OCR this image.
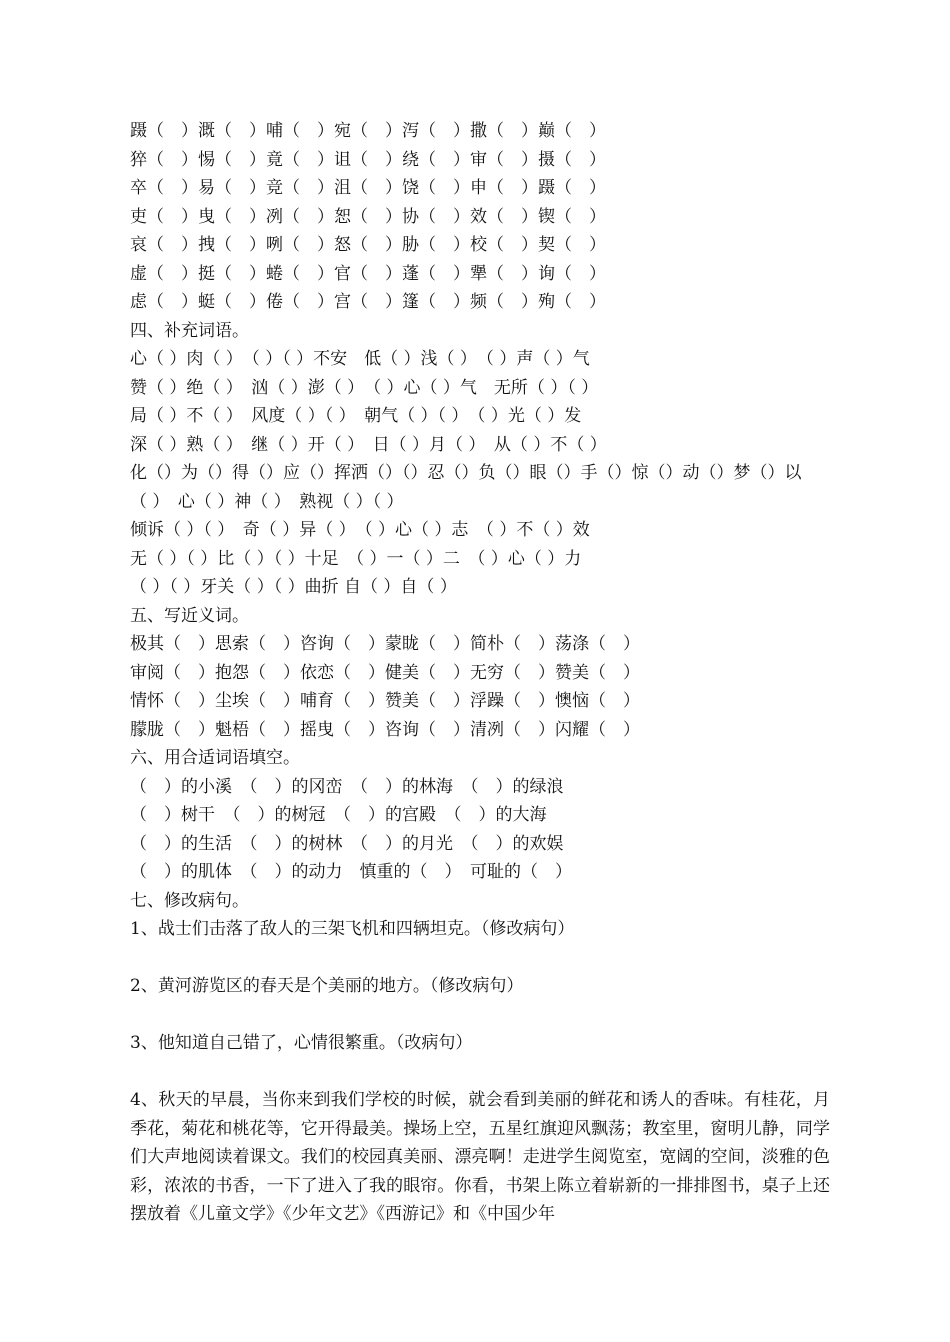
蹑（　）溉（　）哺（　）宛（　）泻（　）撒（　）巅（　）
猝（　）惕（　）竟（　）诅（　）绕（　）审（　）摄（　）
卒（　）易（　）竞（　）沮（　）饶（　）申（　）蹑（　）
吏（　）曳（　）冽（　）恕（　）协（　）效（　）锲（　）
哀（　）拽（　）咧（　）怒（　）胁（　）校（　）契（　）
虚（　）挺（　）蜷（　）官（　）蓬（　）犟（　）询（　）
虑（　）蜓（　）倦（　）宫（　）篷（　）频（　）殉（　）
四、补充词语。
心（ ）肉（ ）　（ ）（ ）不安　低（ ）浅（ ）　（ ）声（ ）气
赞（ ）绝（ ）　汹（ ）澎（ ）　（ ）心（ ）气　无所（ ）（ ）
局（ ）不（ ）　风度（ ）（ ）　朝气（ ）（ ）　（ ）光（ ）发
深（ ）熟（ ）　继（ ）开（ ）　日（ ）月（ ）　从（ ）不（ ）
化（）为（）得（）应（）挥洒（）（）忍（）负（）眼（）手（）惊（）动（）梦（）以
（ ）　心（ ）神（ ）　熟视（ ）（ ）
倾诉（ ）（ ）　奇（ ）异（ ）　（ ）心（ ）志　（ ）不（ ）效
无（ ）（ ）比（ ）（ ）十足　（ ）一（ ）二　（ ）心（ ）力
（ ）（ ）牙关（ ）（ ）曲折 自（ ）自（ ）
五、写近义词。
极其（　）思索（　）咨询（　）蒙眬（　）简朴（　）荡涤（　）
审阅（　）抱怨（　）依恋（　）健美（　）无穷（　）赞美（　）
情怀（　）尘埃（　）哺育（　）赞美（　）浮躁（　）懊恼（　）
朦胧（　）魁梧（　）摇曳（　）咨询（　）清冽（　）闪耀（　）
六、用合适词语填空。
（　）的小溪　（　）的冈峦　（　）的林海　（　）的绿浪
（　）树干　（　）的树冠　（　）的宫殿　（　）的大海
（　）的生活　（　）的树林　（　）的月光　（　）的欢娱
（　）的肌体　（　）的动力　慎重的（　）　可耻的（　）
七、修改病句。
1、战士们击落了敌人的三架飞机和四辆坦克。（修改病句）
2、黄河游览区的春天是个美丽的地方。（修改病句）
3、他知道自己错了，心情很繁重。（改病句）
4、秋天的早晨，当你来到我们学校的时候，就会看到美丽的鲜花和诱人的香味。有桂花，月季花，菊花和桃花等，它开得最美。操场上空，五星红旗迎风飘荡；教室里，窗明儿静，同学们大声地阅读着课文。我们的校园真美丽、漂亮啊！走进学生阅览室，宽阔的空间，淡雅的色彩，浓浓的书香，一下了进入了我的眼帘。你看，书架上陈立着崭新的一排排图书，桌子上还摆放着《儿童文学》《少年文艺》《西游记》和《中国少年
